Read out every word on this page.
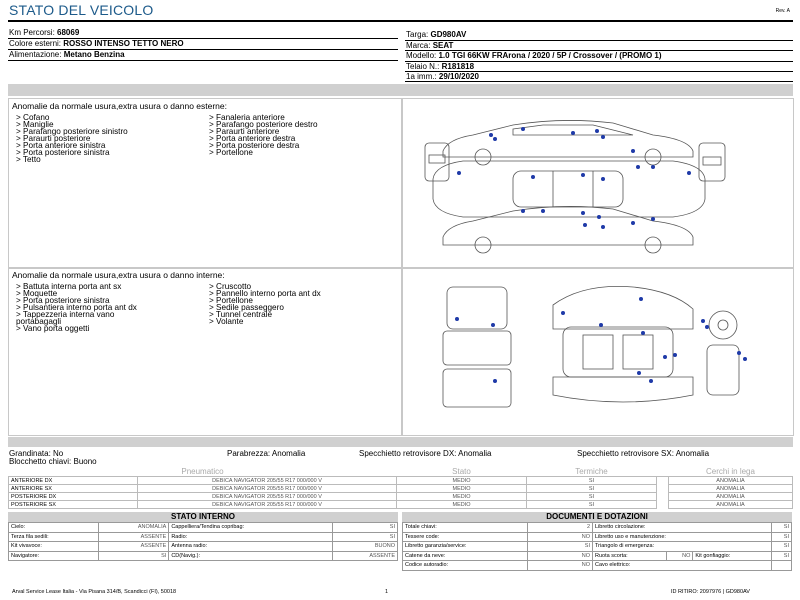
STATO DEL VEICOLO	Rev. A
Km Percorsi: 68069
Colore esterni: ROSSO INTENSO TETTO NERO
Alimentazione: Metano Benzina
Targa: GD980AV
Marca: SEAT
Modello: 1.0 TGI 66KW FRArona / 2020 / 5P / Crossover / (PROMO 1)
Telaio N.: R181818
1a imm.: 29/10/2020
Anomalie da normale usura,extra usura o danno esterne:
> Cofano
> Maniglie
> Parafango posteriore sinistro
> Paraurti posteriore
> Porta anteriore sinistra
> Porta posteriore sinistra
> Tetto
> Fanaleria anteriore
> Parafango posteriore destro
> Paraurti anteriore
> Porta anteriore destra
> Porta posteriore destra
> Portellone
Anomalie da normale usura,extra usura o danno interne:
> Battuta interna porta ant sx
> Moquette
> Porta posteriore sinistra
> Pulsantiera interno porta ant dx
> Tappezzeria interna vano
portabagagli
> Vano porta oggetti
> Cruscotto
> Pannello interno porta ant dx
> Portellone
> Sedile passeggero
> Tunnel centrale
> Volante
Grandinata: No	Parabrezza: Anomalia	Specchietto retrovisore DX: Anomalia	Specchietto retrovisore SX: Anomalia
Blocchetto chiavi: Buono
Pneumatico		Stato	Termiche		Cerchi in lega
ANTERIORE DX	DEBICA NAVIGATOR 205/55 R17 000/000 V	MEDIO	SI		ANOMALIA
ANTERIORE SX	DEBICA NAVIGATOR 205/55 R17 000/000 V	MEDIO	SI		ANOMALIA
POSTERIORE DX	DEBICA NAVIGATOR 205/55 R17 000/000 V	MEDIO	SI		ANOMALIA
POSTERIORE SX	DEBICA NAVIGATOR 205/55 R17 000/000 V	MEDIO	SI		ANOMALIA
STATO INTERNO
Cielo:	ANOMALIA	Cappelliera/Tendina copribag:	SI
Terza fila sedili:	ASSENTE	Radio:	SI
Kit vivavoce:	ASSENTE	Antenna radio:	BUONO
Navigatore:	SI	CD(Navig.):	ASSENTE
DOCUMENTI E DOTAZIONI
Totale chiavi:	2	Libretto circolazione:			SI
Tessere code:	NO	Libretto uso e manutenzione:			SI
Libretto garanzia/service:	SI	Triangolo di emergenza:			SI
Catene da neve:	NO	Ruota scorta:	NO	Kit gonfiaggio:	SI
Codice autoradio:	NO	Cavo elettrico:			
Arval Service Lease Italia - Via Pisana 314/B, Scandicci (FI), 50018	1	ID RITIRO: 2097976 | GD980AV
